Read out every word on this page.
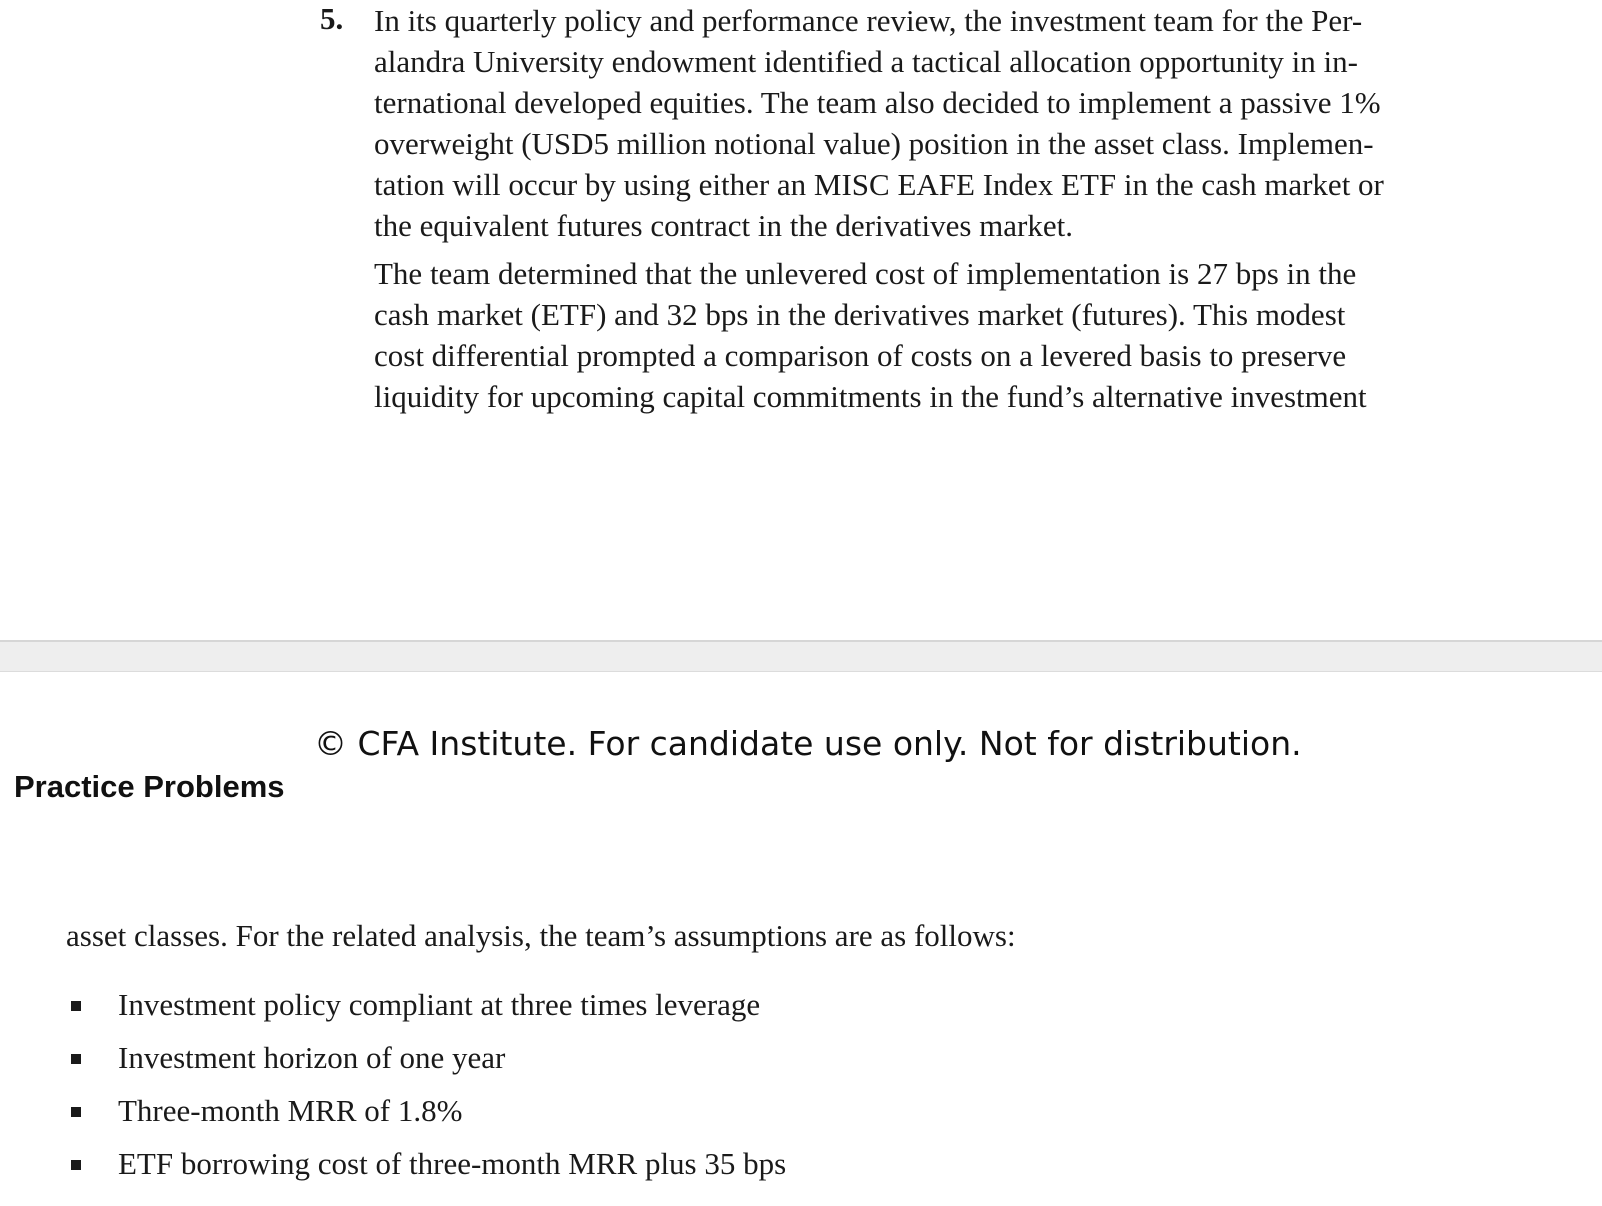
5. In its quarterly policy and performance review, the investment team for the Per-
alandra University endowment identified a tactical allocation opportunity in in-
ternational developed equities. The team also decided to implement a passive 1%
overweight (USD5 million notional value) position in the asset class. Implemen-
tation will occur by using either an MISC EAFE Index ETF in the cash market or
the equivalent futures contract in the derivatives market.
The team determined that the unlevered cost of implementation is 27 bps in the
cash market (ETF) and 32 bps in the derivatives market (futures). This modest
cost differential prompted a comparison of costs on a levered basis to preserve
liquidity for upcoming capital commitments in the fund’s alternative investment
© CFA Institute. For candidate use only. Not for distribution.
Practice Problems
asset classes. For the related analysis, the team’s assumptions are as follows:
Investment policy compliant at three times leverage
Investment horizon of one year
Three-month MRR of 1.8%
ETF borrowing cost of three-month MRR plus 35 bps
